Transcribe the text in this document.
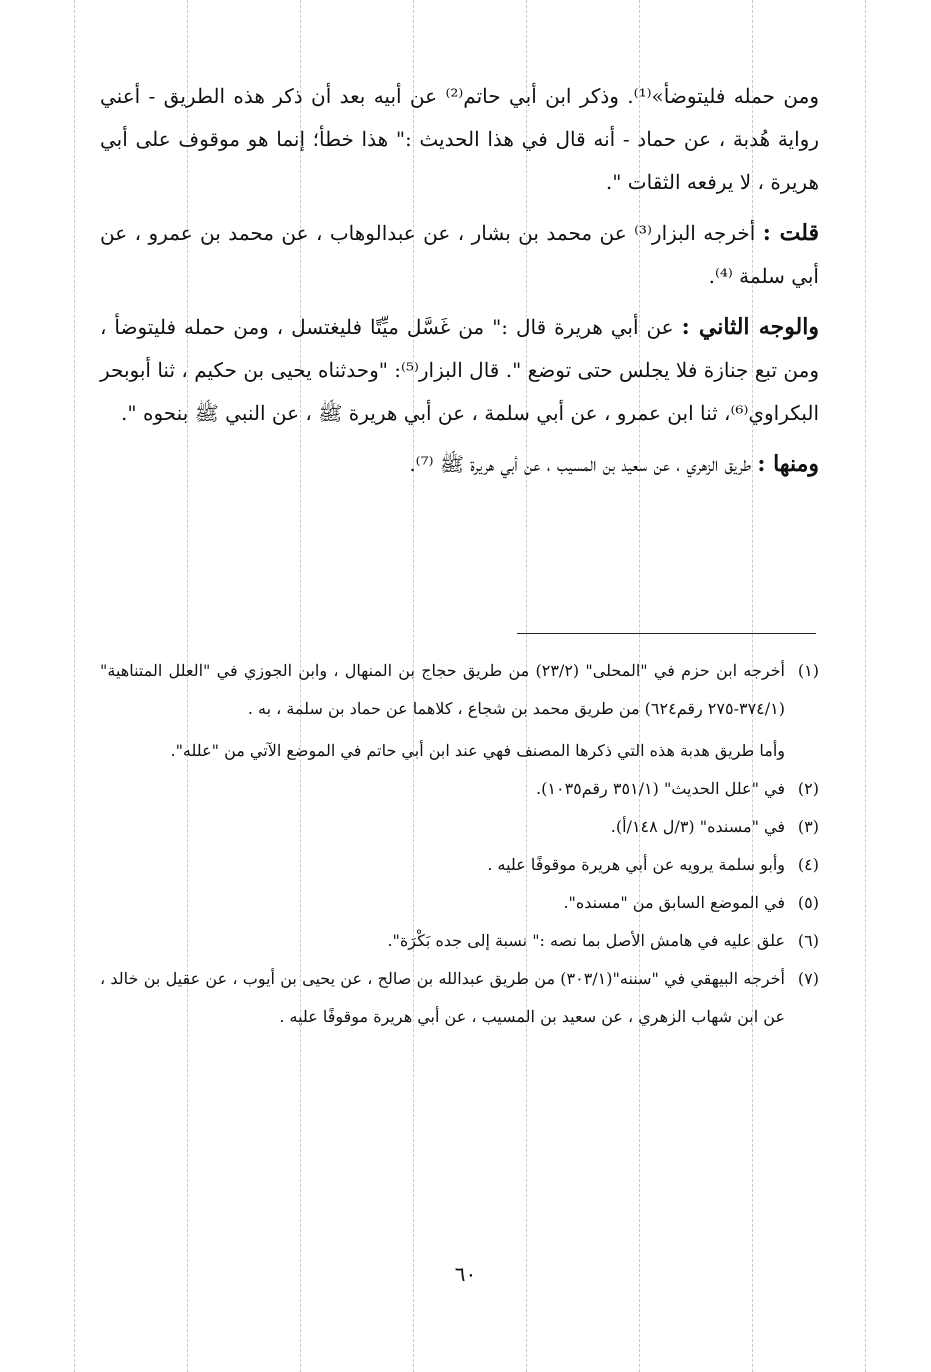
ومن حمله فليتوضأ»⁽¹⁾. وذكر ابن أبي حاتم⁽²⁾ عن أبيه بعد أن ذكر هذه الطريق - أعني رواية هُدبة ، عن حماد - أنه قال في هذا الحديث :" هذا خطأ؛ إنما هو موقوف على أبي هريرة ، لا يرفعه الثقات ".

قلت : أخرجه البزار⁽³⁾ عن محمد بن بشار ، عن عبدالوهاب ، عن محمد بن عمرو ، عن أبي سلمة ⁽⁴⁾.

والوجه الثاني : عن أبي هريرة قال :" من غَسَّل ميِّتًا فليغتسل ، ومن حمله فليتوضأ ، ومن تبع جنازة فلا يجلس حتى توضع ". قال البزار⁽⁵⁾: "وحدثناه يحيى بن حكيم ، ثنا أبوبحر البكراوي⁽⁶⁾، ثنا ابن عمرو ، عن أبي سلمة ، عن أبي هريرة ﷺ ، عن النبي ﷺ بنحوه ".

ومنها : طريق الزهري ، عن سعيد بن المسيب ، عن أبي هريرة ﷺ ⁽⁷⁾.

(١)
أخرجه ابن حزم في "المحلى" (٢٣/٢) من طريق حجاج بن المنهال ، وابن الجوزي في "العلل المتناهية" (٣٧٤/١-٢٧٥ رقم٦٢٤) من طريق محمد بن شجاع ، كلاهما عن حماد بن سلمة ، به .
وأما طريق هدبة هذه التي ذكرها المصنف فهي عند ابن أبي حاتم في الموضع الآتي من "علله".
(٢)
في "علل الحديث" (٣٥١/١ رقم١٠٣٥).
(٣)
في "مسنده" (٣/ل ١٤٨/أ).
(٤)
وأبو سلمة يرويه عن أبي هريرة موقوفًا عليه .
(٥)
في الموضع السابق من "مسنده".
(٦)
علق عليه في هامش الأصل بما نصه :" نسبة إلى جده بَكْرَة".
(٧)
أخرجه البيهقي في "سننه"(٣٠٣/١) من طريق عبدالله بن صالح ، عن يحيى بن أيوب ، عن عقيل بن خالد ، عن ابن شهاب الزهري ، عن سعيد بن المسيب ، عن أبي هريرة موقوفًا عليه .
٦٠
